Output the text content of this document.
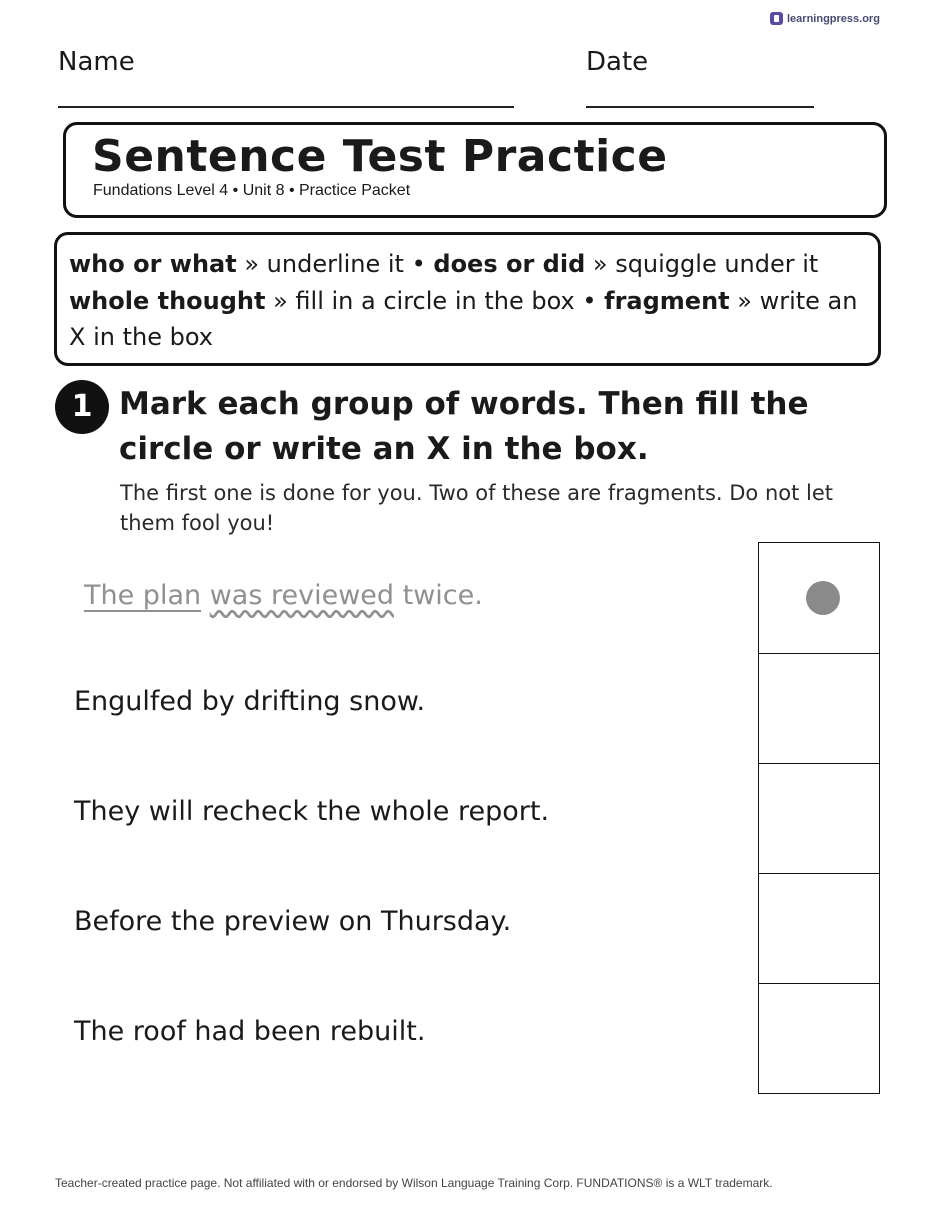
learningpress.org
Name	Date
Sentence Test Practice
Fundations Level 4 • Unit 8 • Practice Packet
who or what » underline it • does or did » squiggle under it
whole thought » fill in a circle in the box • fragment » write an X in the box
1 Mark each group of words. Then fill the circle or write an X in the box.
The first one is done for you. Two of these are fragments. Do not let them fool you!
The plan was reviewed twice.
Engulfed by drifting snow.
They will recheck the whole report.
Before the preview on Thursday.
The roof had been rebuilt.
Teacher-created practice page. Not affiliated with or endorsed by Wilson Language Training Corp. FUNDATIONS® is a WLT trademark.
